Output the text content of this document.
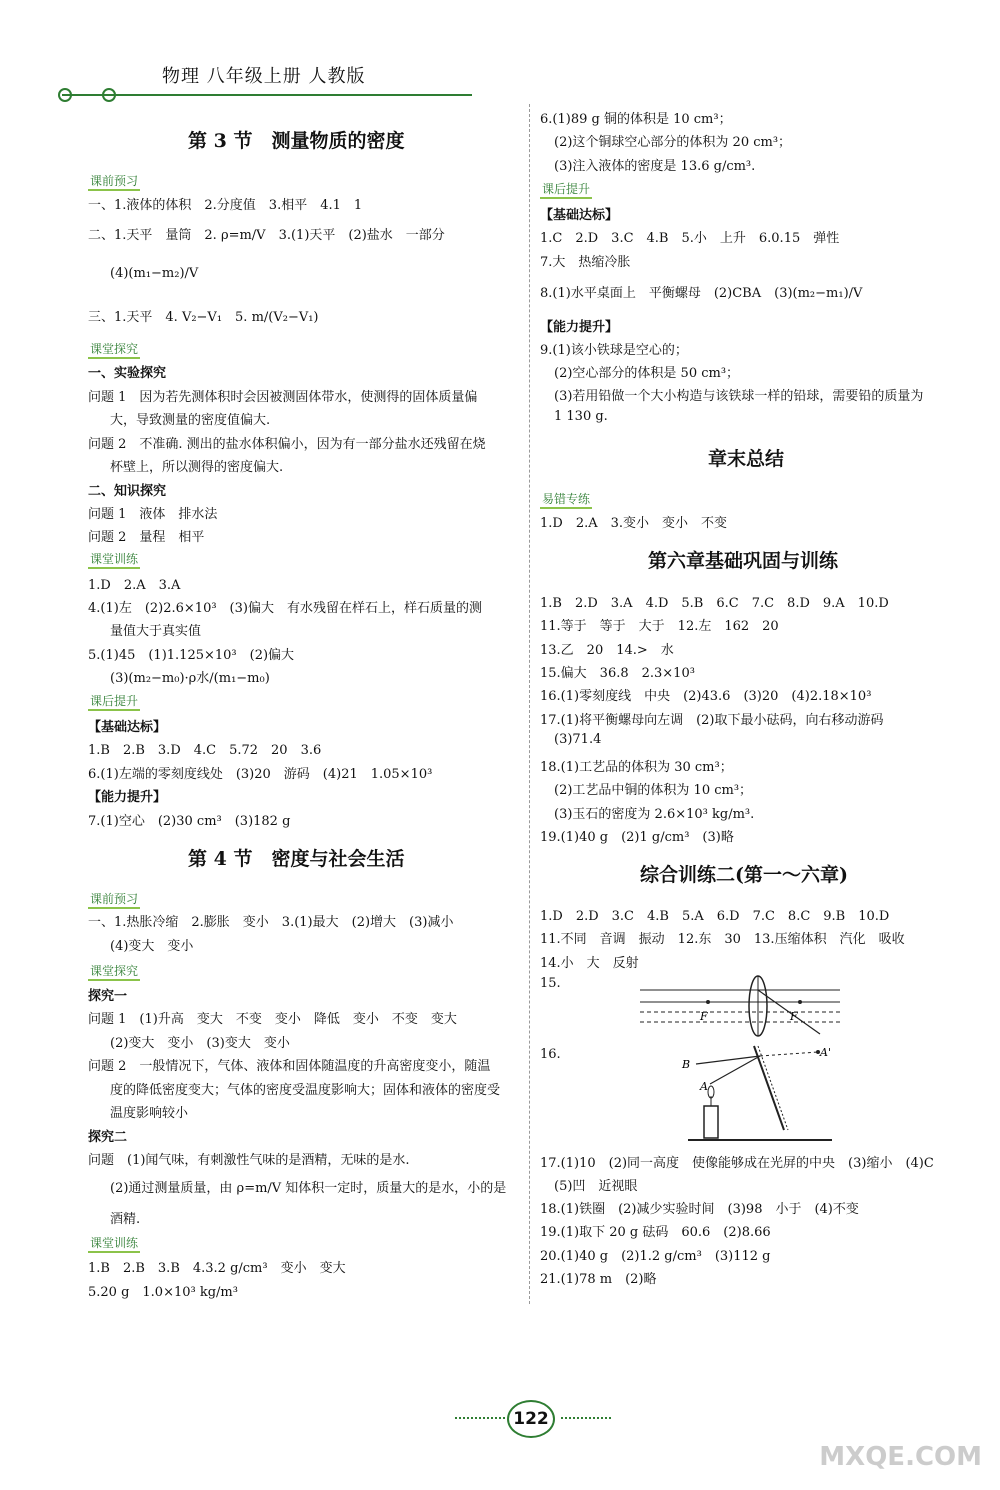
物理 八年级上册 人教版
第 3 节　测量物质的密度
课前预习
一、1.液体的体积　2.分度值　3.相平　4.1　1
二、1.天平　量筒　2. ρ=m/V　3.(1)天平　(2)盐水　一部分
(4)(m₁−m₂)/V
三、1.天平　4. V₂−V₁　5. m/(V₂−V₁)
课堂探究
一、实验探究
问题 1　因为若先测体积时会因被测固体带水，使测得的固体质量偏
大，导致测量的密度值偏大.
问题 2　不准确. 测出的盐水体积偏小，因为有一部分盐水还残留在烧
杯壁上，所以测得的密度偏大.
二、知识探究
问题 1　液体　排水法
问题 2　量程　相平
课堂训练
1.D　2.A　3.A
4.(1)左　(2)2.6×10³　(3)偏大　有水残留在样石上，样石质量的测
量值大于真实值
5.(1)45　(1)1.125×10³　(2)偏大
(3)(m₂−m₀)·ρ水/(m₁−m₀)
课后提升
【基础达标】
1.B　2.B　3.D　4.C　5.72　20　3.6
6.(1)左端的零刻度线处　(3)20　游码　(4)21　1.05×10³
【能力提升】
7.(1)空心　(2)30 cm³　(3)182 g
第 4 节　密度与社会生活
课前预习
一、1.热胀冷缩　2.膨胀　变小　3.(1)最大　(2)增大　(3)减小
(4)变大　变小
课堂探究
探究一
问题 1　(1)升高　变大　不变　变小　降低　变小　不变　变大
(2)变大　变小　(3)变大　变小
问题 2　一般情况下，气体、液体和固体随温度的升高密度变小，随温
度的降低密度变大；气体的密度受温度影响大；固体和液体的密度受
温度影响较小
探究二
问题　(1)闻气味，有刺激性气味的是酒精，无味的是水.
(2)通过测量质量，由 ρ=m/V 知体积一定时，质量大的是水，小的是
酒精.
课堂训练
1.B　2.B　3.B　4.3.2 g/cm³　变小　变大
5.20 g　1.0×10³ kg/m³
6.(1)89 g 铜的体积是 10 cm³；
(2)这个铜球空心部分的体积为 20 cm³；
(3)注入液体的密度是 13.6 g/cm³.
课后提升
【基础达标】
1.C　2.D　3.C　4.B　5.小　上升　6.0.15　弹性
7.大　热缩冷胀
8.(1)水平桌面上　平衡螺母　(2)CBA　(3)(m₂−m₁)/V
【能力提升】
9.(1)该小铁球是空心的；
(2)空心部分的体积是 50 cm³；
(3)若用铅做一个大小构造与该铁球一样的铅球，需要铅的质量为
1 130 g.
章末总结
易错专练
1.D　2.A　3.变小　变小　不变
第六章基础巩固与训练
1.B　2.D　3.A　4.D　5.B　6.C　7.C　8.D　9.A　10.D
11.等于　等于　大于　12.左　162　20
13.乙　20　14.>　水
15.偏大　36.8　2.3×10³
16.(1)零刻度线　中央　(2)43.6　(3)20　(4)2.18×10³
17.(1)将平衡螺母向左调　(2)取下最小砝码，向右移动游码
(3)71.4
18.(1)工艺品的体积为 30 cm³；
(2)工艺品中铜的体积为 10 cm³；
(3)玉石的密度为 2.6×10³ kg/m³.
19.(1)40 g　(2)1 g/cm³　(3)略
综合训练二(第一～六章)
1.D　2.D　3.C　4.B　5.A　6.D　7.C　8.C　9.B　10.D
11.不同　音调　振动　12.东　30　13.压缩体积　汽化　吸收
14.小　大　反射
15.
16.
17.(1)10　(2)同一高度　使像能够成在光屏的中央　(3)缩小　(4)C
(5)凹　近视眼
18.(1)铁圈　(2)减少实验时间　(3)98　小于　(4)不变
19.(1)取下 20 g 砝码　60.6　(2)8.66
20.(1)40 g　(2)1.2 g/cm³　(3)112 g
21.(1)78 m　(2)略
F	F
B
A
A'
122
MXQE.COM
